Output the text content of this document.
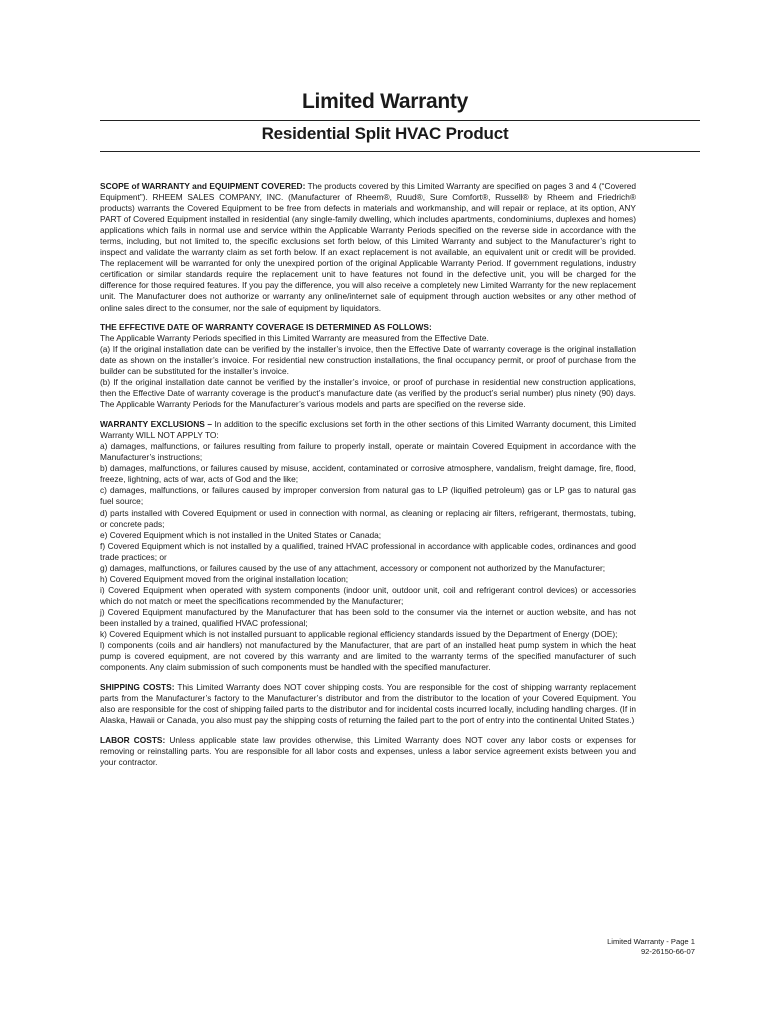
Limited Warranty
Residential Split HVAC Product

SCOPE of WARRANTY and EQUIPMENT COVERED: The products covered by this Limited Warranty are specified on pages 3 and 4 (“Covered Equipment”). RHEEM SALES COMPANY, INC. (Manufacturer of Rheem®, Ruud®, Sure Comfort®, Russell® by Rheem and Friedrich® products) warrants the Covered Equipment to be free from defects in materials and workmanship, and will repair or replace, at its option, ANY PART of Covered Equipment installed in residential (any single-family dwelling, which includes apartments, condominiums, duplexes and homes) applications which fails in normal use and service within the Applicable Warranty Periods specified on the reverse side in accordance with the terms, including, but not limited to, the specific exclusions set forth below, of this Limited Warranty and subject to the Manufacturer’s right to inspect and validate the warranty claim as set forth below. If an exact replacement is not available, an equivalent unit or credit will be provided. The replacement will be warranted for only the unexpired portion of the original Applicable Warranty Period. If government regulations, industry certification or similar standards require the replacement unit to have features not found in the defective unit, you will be charged for the difference for those required features. If you pay the difference, you will also receive a completely new Limited Warranty for the new replacement unit. The Manufacturer does not authorize or warranty any online/internet sale of equipment through auction websites or any other method of online sales direct to the consumer, nor the sale of equipment by liquidators.

THE EFFECTIVE DATE OF WARRANTY COVERAGE IS DETERMINED AS FOLLOWS:

The Applicable Warranty Periods specified in this Limited Warranty are measured from the Effective Date.

(a) If the original installation date can be verified by the installer’s invoice, then the Effective Date of warranty coverage is the original installation date as shown on the installer’s invoice. For residential new construction installations, the final occupancy permit, or proof of purchase from the builder can be substituted for the installer’s invoice.

(b) If the original installation date cannot be verified by the installer’s invoice, or proof of purchase in residential new construction applications, then the Effective Date of warranty coverage is the product’s manufacture date (as verified by the product’s serial number) plus ninety (90) days. The Applicable Warranty Periods for the Manufacturer’s various models and parts are specified on the reverse side.

WARRANTY EXCLUSIONS – In addition to the specific exclusions set forth in the other sections of this Limited Warranty document, this Limited Warranty WILL NOT APPLY TO:

a) damages, malfunctions, or failures resulting from failure to properly install, operate or maintain Covered Equipment in accordance with the Manufacturer’s instructions;

b) damages, malfunctions, or failures caused by misuse, accident, contaminated or corrosive atmosphere, vandalism, freight damage, fire, flood, freeze, lightning, acts of war, acts of God and the like;

c) damages, malfunctions, or failures caused by improper conversion from natural gas to LP (liquified petroleum) gas or LP gas to natural gas fuel source;

d) parts installed with Covered Equipment or used in connection with normal, as cleaning or replacing air filters, refrigerant, thermostats, tubing, or concrete pads;

e) Covered Equipment which is not installed in the United States or Canada;

f) Covered Equipment which is not installed by a qualified, trained HVAC professional in accordance with applicable codes, ordinances and good trade practices; or

g) damages, malfunctions, or failures caused by the use of any attachment, accessory or component not authorized by the Manufacturer;

h) Covered Equipment moved from the original installation location;

i) Covered Equipment when operated with system components (indoor unit, outdoor unit, coil and refrigerant control devices) or accessories which do not match or meet the specifications recommended by the Manufacturer;

j) Covered Equipment manufactured by the Manufacturer that has been sold to the consumer via the internet or auction website, and has not been installed by a trained, qualified HVAC professional;

k) Covered Equipment which is not installed pursuant to applicable regional efficiency standards issued by the Department of Energy (DOE);

l) components (coils and air handlers) not manufactured by the Manufacturer, that are part of an installed heat pump system in which the heat pump is covered equipment, are not covered by this warranty and are limited to the warranty terms of the specified manufacturer of such components. Any claim submission of such components must be handled with the specified manufacturer.

SHIPPING COSTS: This Limited Warranty does NOT cover shipping costs. You are responsible for the cost of shipping warranty replacement parts from the Manufacturer’s factory to the Manufacturer’s distributor and from the distributor to the location of your Covered Equipment. You also are responsible for the cost of shipping failed parts to the distributor and for incidental costs incurred locally, including handling charges. (If in Alaska, Hawaii or Canada, you also must pay the shipping costs of returning the failed part to the port of entry into the continental United States.)

LABOR COSTS: Unless applicable state law provides otherwise, this Limited Warranty does NOT cover any labor costs or expenses for removing or reinstalling parts. You are responsible for all labor costs and expenses, unless a labor service agreement exists between you and your contractor.

Limited Warranty - Page 1
92-26150-66-07
